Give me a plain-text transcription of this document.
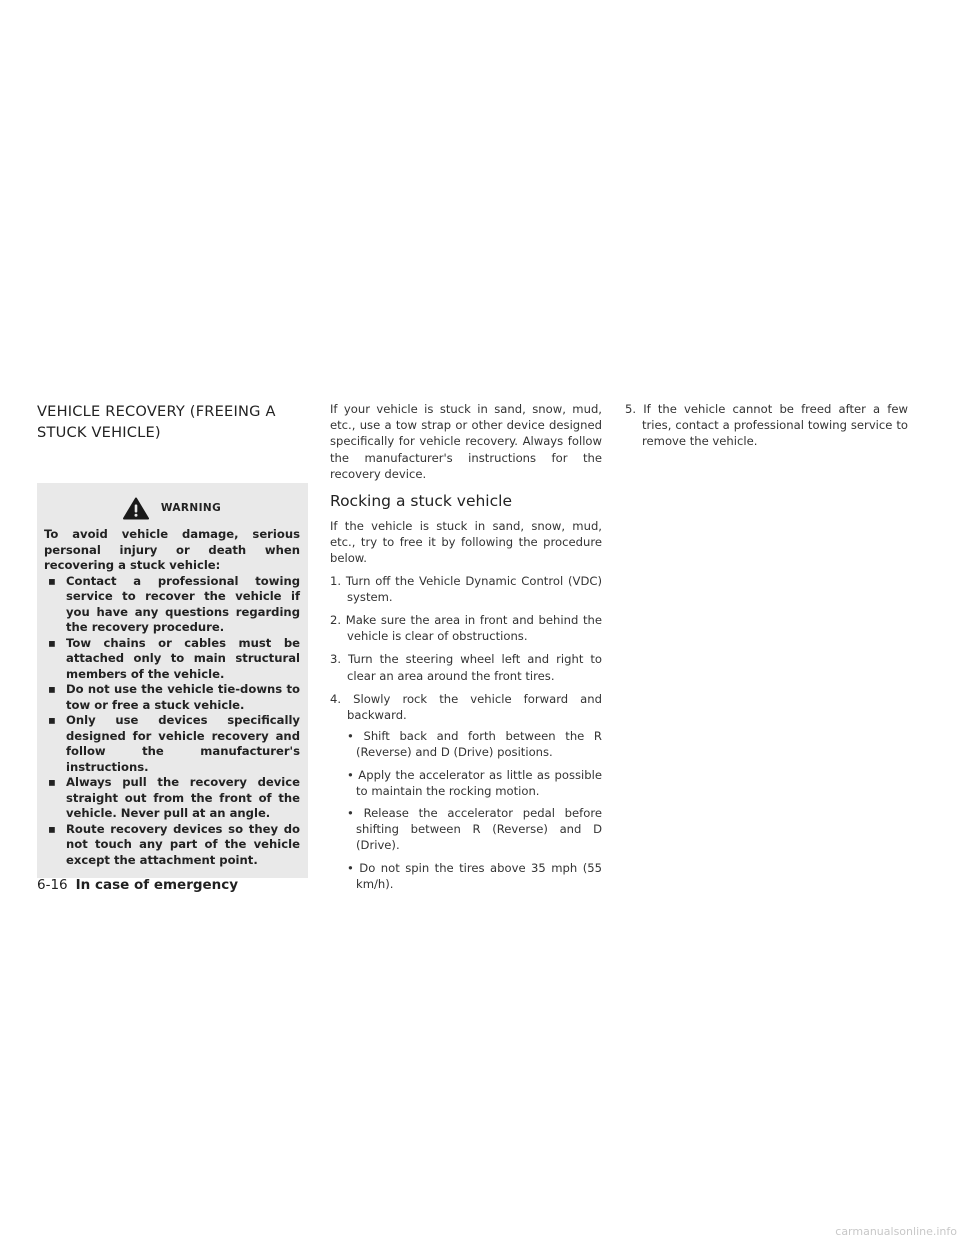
VEHICLE RECOVERY (FREEING A STUCK VEHICLE)
WARNING

To avoid vehicle damage, serious personal injury or death when recovering a stuck vehicle:

▪ Contact a professional towing service to recover the vehicle if you have any questions regarding the recovery procedure.
▪ Tow chains or cables must be attached only to main structural members of the vehicle.
▪ Do not use the vehicle tie-downs to tow or free a stuck vehicle.
▪ Only use devices specifically designed for vehicle recovery and follow the manufacturer's instructions.
▪ Always pull the recovery device straight out from the front of the vehicle. Never pull at an angle.
▪ Route recovery devices so they do not touch any part of the vehicle except the attachment point.

If your vehicle is stuck in sand, snow, mud, etc., use a tow strap or other device designed specifically for vehicle recovery. Always follow the manufacturer's instructions for the recovery device.

Rocking a stuck vehicle

If the vehicle is stuck in sand, snow, mud, etc., try to free it by following the procedure below.

1. Turn off the Vehicle Dynamic Control (VDC) system.
2. Make sure the area in front and behind the vehicle is clear of obstructions.
3. Turn the steering wheel left and right to clear an area around the front tires.
4. Slowly rock the vehicle forward and backward.
• Shift back and forth between the R (Reverse) and D (Drive) positions.
• Apply the accelerator as little as possible to maintain the rocking motion.
• Release the accelerator pedal before shifting between R (Reverse) and D (Drive).
• Do not spin the tires above 35 mph (55 km/h).
5. If the vehicle cannot be freed after a few tries, contact a professional towing service to remove the vehicle.
6-16 In case of emergency
carmanualsonline.info
